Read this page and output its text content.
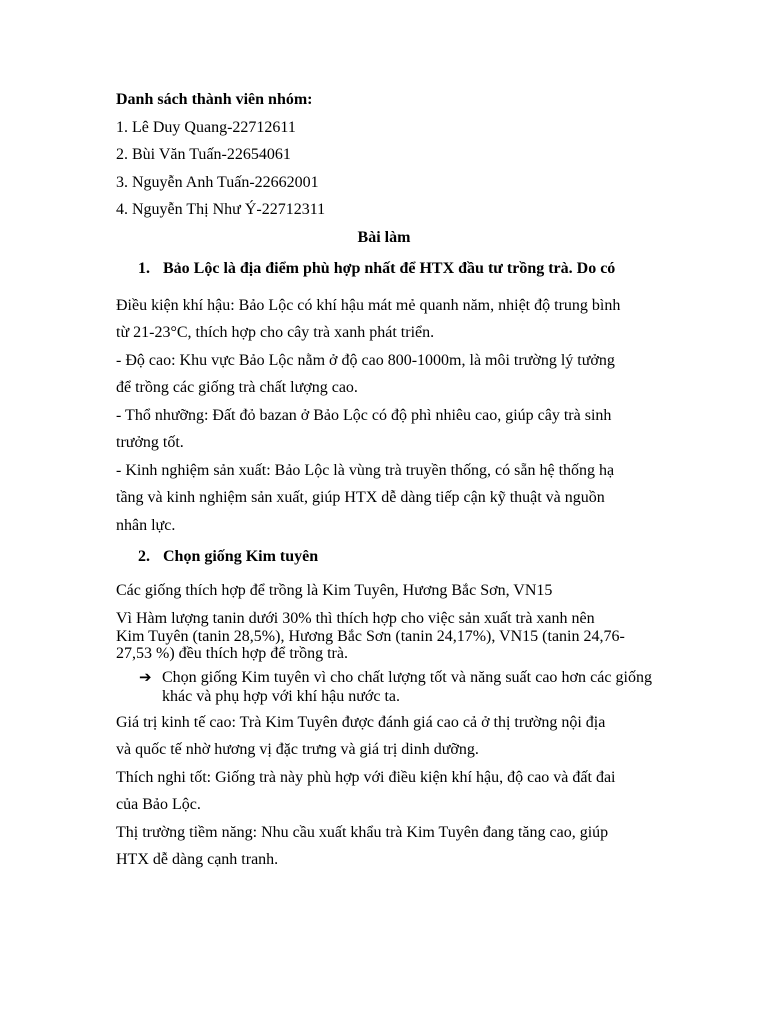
Danh sách thành viên nhóm:
1. Lê Duy Quang-22712611
2. Bùi Văn Tuấn-22654061
3. Nguyễn Anh Tuấn-22662001
4. Nguyễn Thị Như Ý-22712311
Bài làm
1. Bảo Lộc là địa điểm phù hợp nhất để HTX đầu tư trồng trà. Do có
Điều kiện khí hậu: Bảo Lộc có khí hậu mát mẻ quanh năm, nhiệt độ trung bình
từ 21-23°C, thích hợp cho cây trà xanh phát triển.
- Độ cao: Khu vực Bảo Lộc nằm ở độ cao 800-1000m, là môi trường lý tưởng
để trồng các giống trà chất lượng cao.
- Thổ nhưỡng: Đất đỏ bazan ở Bảo Lộc có độ phì nhiêu cao, giúp cây trà sinh
trưởng tốt.
- Kinh nghiệm sản xuất: Bảo Lộc là vùng trà truyền thống, có sẵn hệ thống hạ
tầng và kinh nghiệm sản xuất, giúp HTX dễ dàng tiếp cận kỹ thuật và nguồn
nhân lực.
2. Chọn giống Kim tuyên
Các giống thích hợp để trồng là Kim Tuyên, Hương Bắc Sơn, VN15
Vì Hàm lượng tanin dưới 30% thì thích hợp cho việc sản xuất trà xanh nên
Kim Tuyên (tanin 28,5%), Hương Bắc Sơn (tanin 24,17%), VN15 (tanin 24,76-
27,53 %) đều thích hợp để trồng trà.
➔ Chọn giống Kim tuyên vì cho chất lượng tốt và năng suất cao hơn các giống khác và phụ hợp với khí hậu nước ta.
Giá trị kinh tế cao: Trà Kim Tuyên được đánh giá cao cả ở thị trường nội địa
và quốc tế nhờ hương vị đặc trưng và giá trị dinh dưỡng.
Thích nghi tốt: Giống trà này phù hợp với điều kiện khí hậu, độ cao và đất đai
của Bảo Lộc.
Thị trường tiềm năng: Nhu cầu xuất khẩu trà Kim Tuyên đang tăng cao, giúp
HTX dễ dàng cạnh tranh.
